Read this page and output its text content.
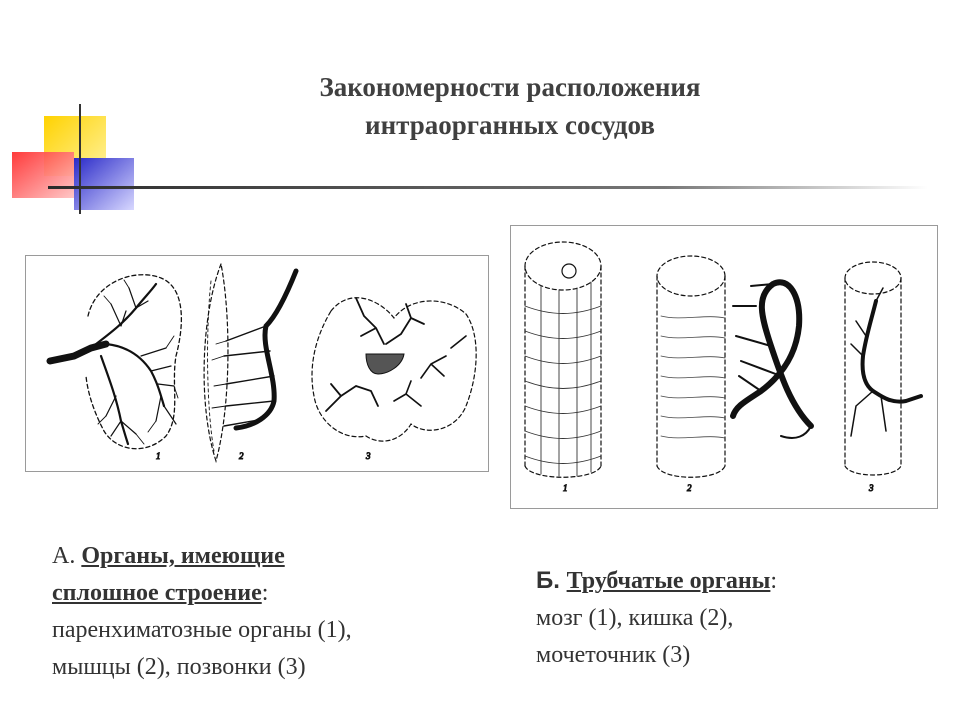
Закономерности расположения
интраорганных сосудов
1	2	3
1	2	3
А. Органы, имеющие
сплошное строение:
паренхиматозные органы (1),
мышцы (2), позвонки (3)
Б. Трубчатые органы:
мозг (1), кишка (2),
мочеточник (3)
